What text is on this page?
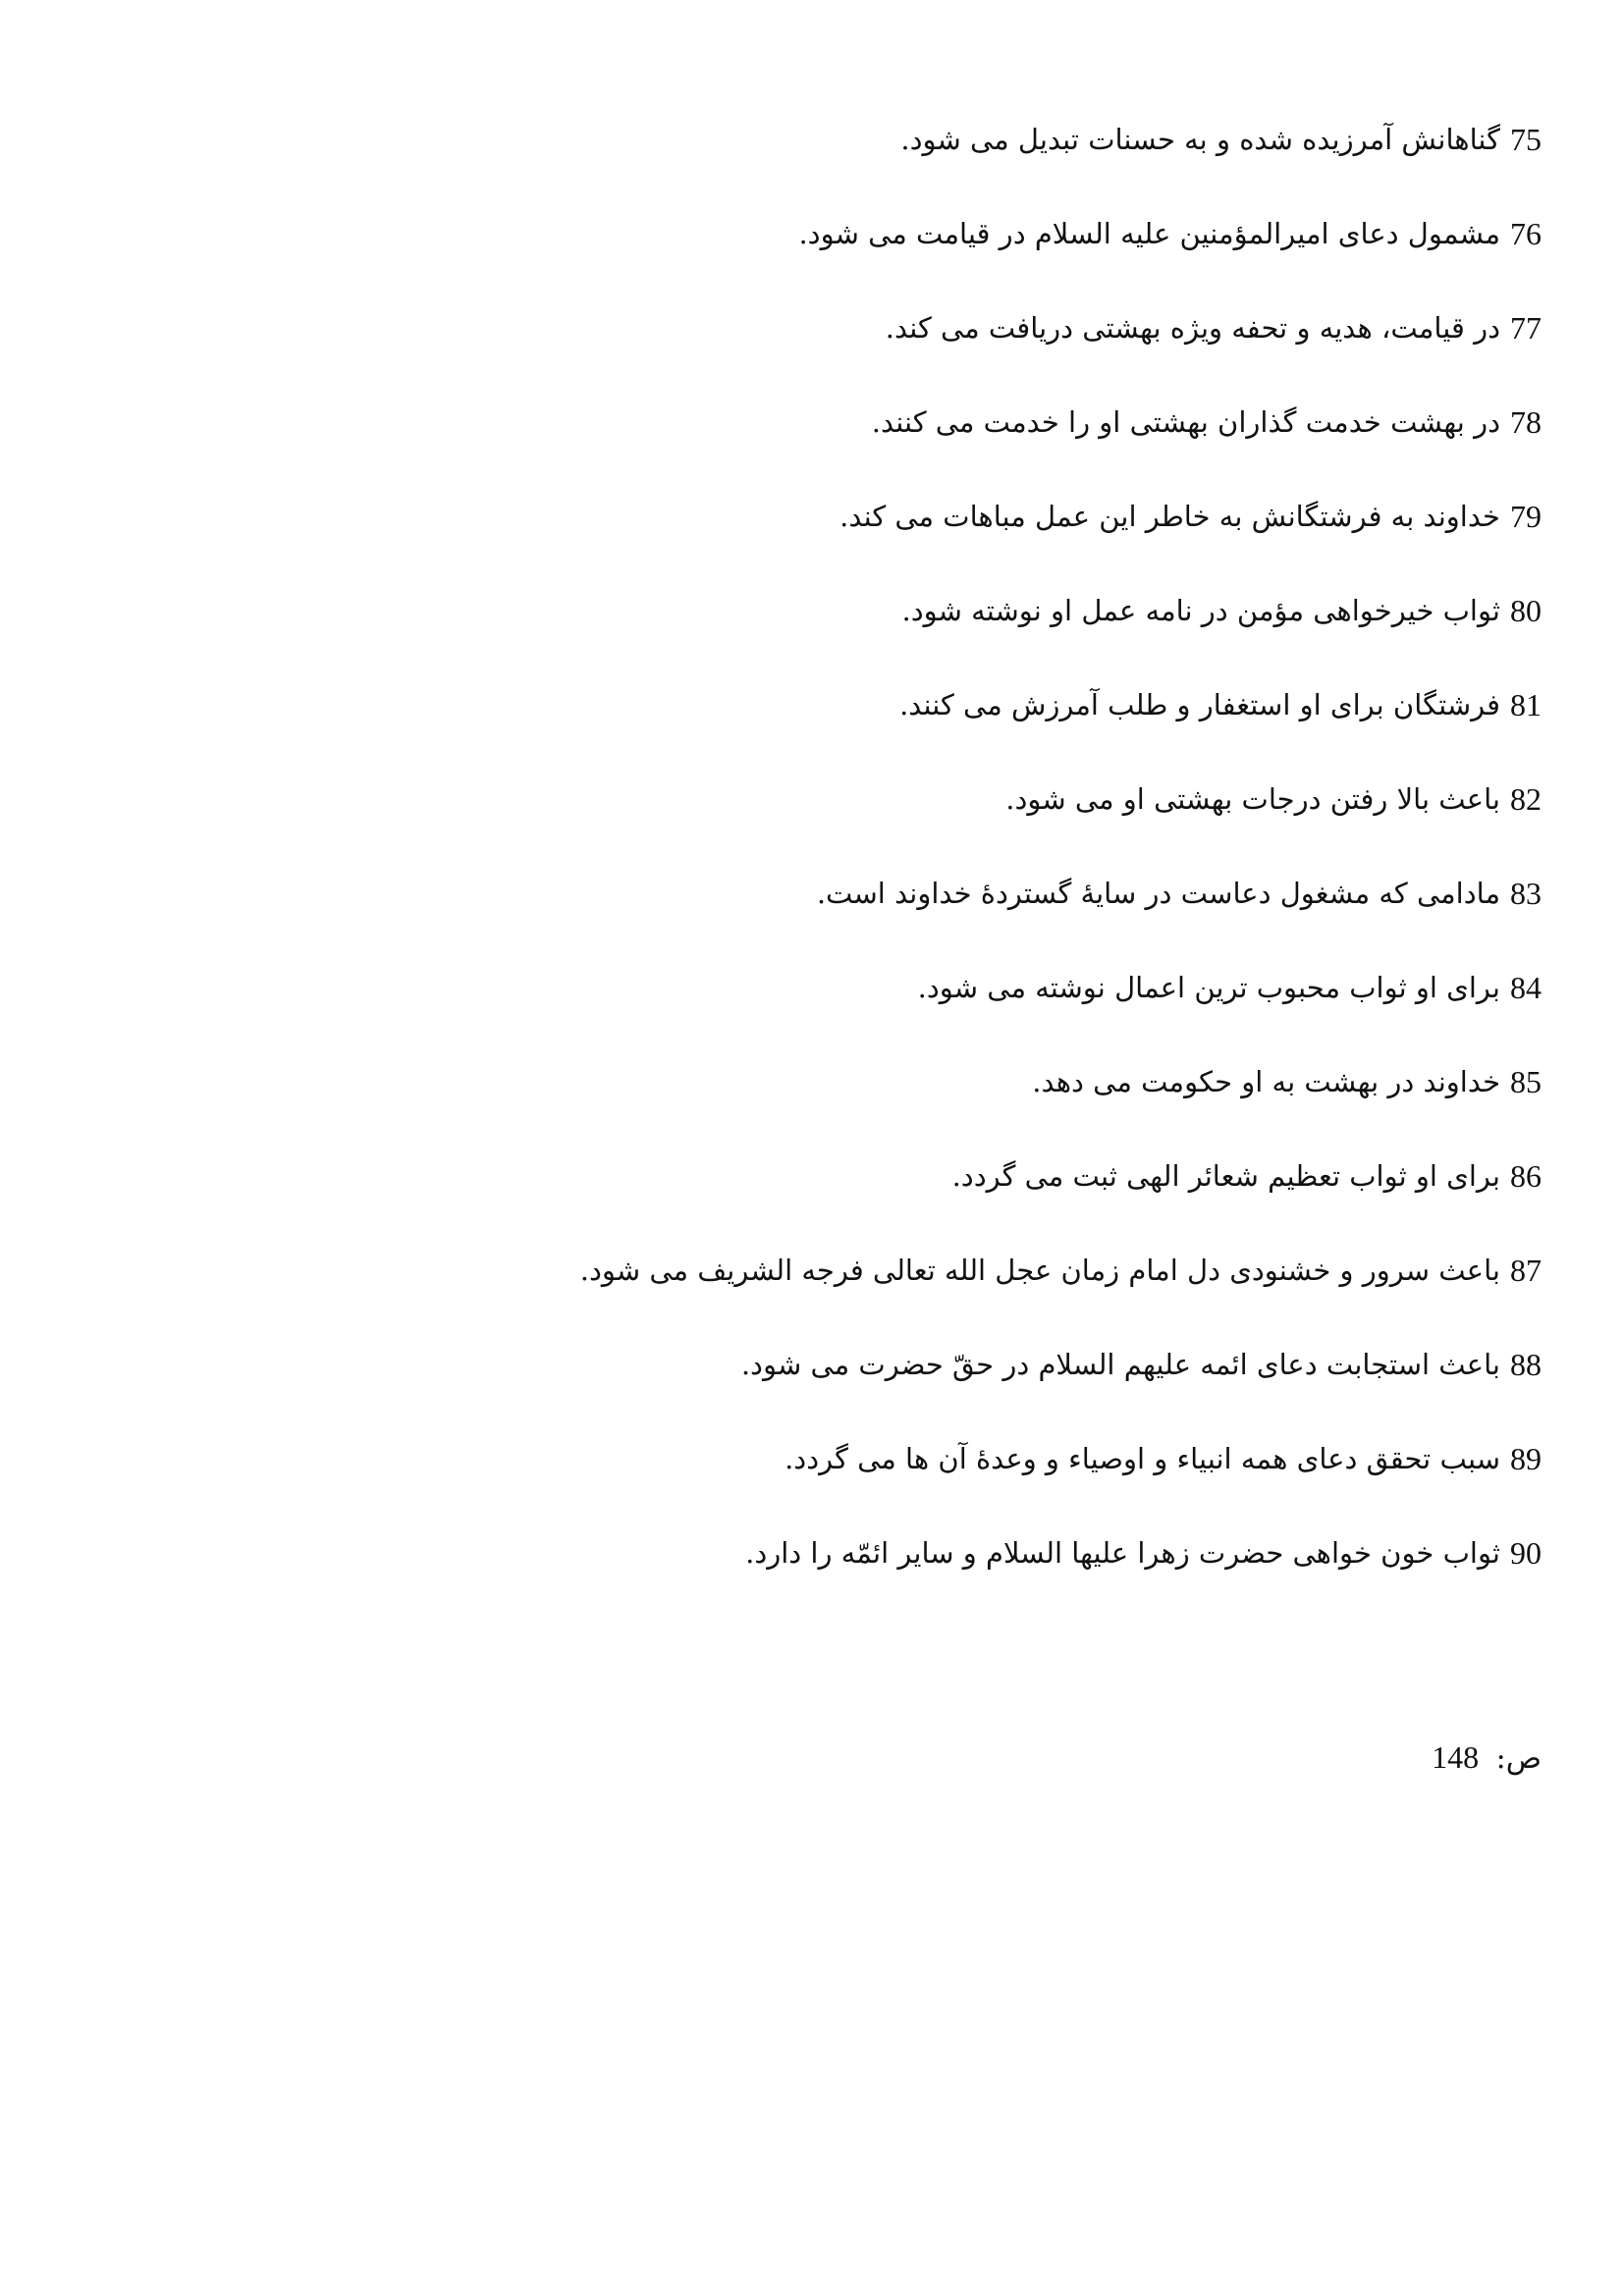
75
گناهانش آمرزیده شده و به حسنات تبدیل می شود.
76
مشمول دعای امیرالمؤمنین علیه السلام در قیامت می شود.
77
در قیامت، هدیه و تحفه ویژه بهشتی دریافت می کند.
78
در بهشت خدمت گذاران بهشتی او را خدمت می کنند.
79
خداوند به فرشتگانش به خاطر این عمل مباهات می کند.
80
ثواب خیرخواهی مؤمن در نامه عمل او نوشته شود.
81
فرشتگان برای او استغفار و طلب آمرزش می کنند.
82
باعث بالا رفتن درجات بهشتی او می شود.
83
مادامی که مشغول دعاست در سایۀ گستردۀ خداوند است.
84
برای او ثواب محبوب ترین اعمال نوشته می شود.
85
خداوند در بهشت به او حکومت می دهد.
86
برای او ثواب تعظیم شعائر الهی ثبت می گردد.
87
باعث سرور و خشنودی دل امام زمان عجل الله تعالی فرجه الشریف می شود.
88
باعث استجابت دعای ائمه علیهم السلام در حقّ حضرت می شود.
89
سبب تحقق دعای همه انبیاء و اوصیاء و وعدۀ آن ها می گردد.
90
ثواب خون خواهی حضرت زهرا علیها السلام و سایر ائمّه را دارد.
ص: 148
